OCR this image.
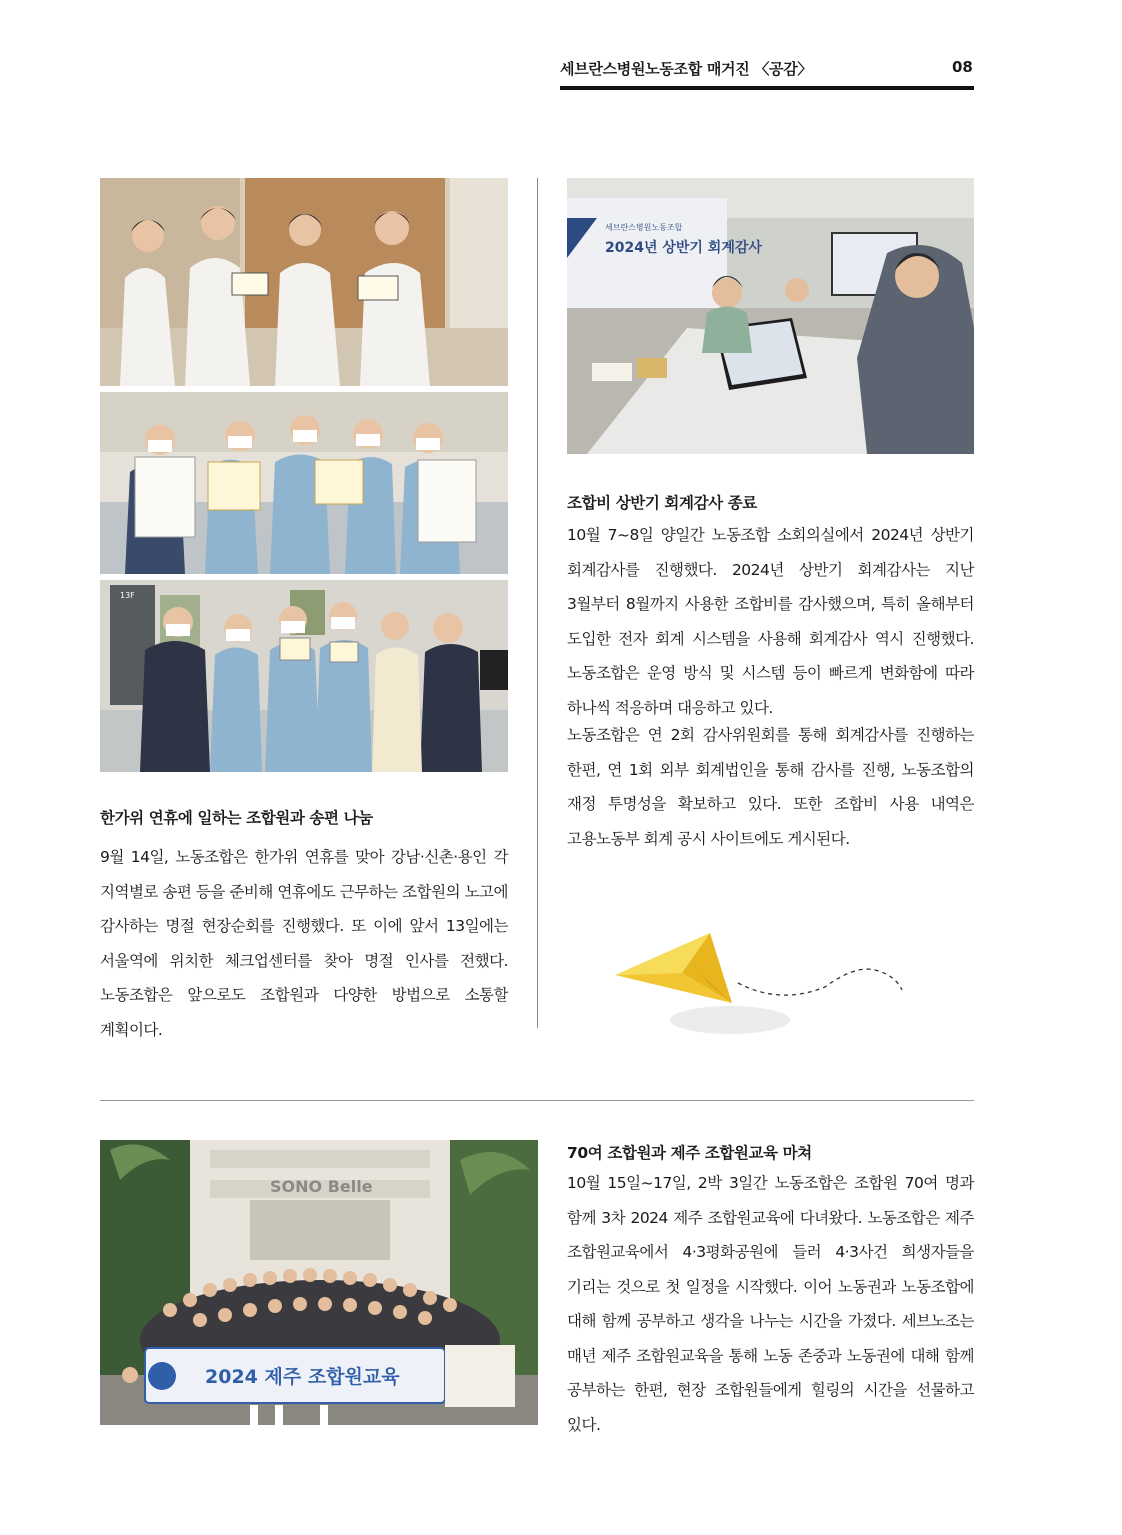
세브란스병원노동조합 매거진 〈공감〉	08
13F
세브란스병원노동조합
2024년 상반기 회계감사
한가위 연휴에 일하는 조합원과 송편 나눔
9월 14일, 노동조합은 한가위 연휴를 맞아 강남·신촌·용인 각 지역별로 송편 등을 준비해 연휴에도 근무하는 조합원의 노고에 감사하는 명절 현장순회를 진행했다. 또 이에 앞서 13일에는 서울역에 위치한 체크업센터를 찾아 명절 인사를 전했다. 노동조합은 앞으로도 조합원과 다양한 방법으로 소통할 계획이다.
조합비 상반기 회계감사 종료
10월 7~8일 양일간 노동조합 소회의실에서 2024년 상반기 회계감사를 진행했다. 2024년 상반기 회계감사는 지난 3월부터 8월까지 사용한 조합비를 감사했으며, 특히 올해부터 도입한 전자 회계 시스템을 사용해 회계감사 역시 진행했다. 노동조합은 운영 방식 및 시스템 등이 빠르게 변화함에 따라 하나씩 적응하며 대응하고 있다.
노동조합은 연 2회 감사위원회를 통해 회계감사를 진행하는 한편, 연 1회 외부 회계법인을 통해 감사를 진행, 노동조합의 재정 투명성을 확보하고 있다. 또한 조합비 사용 내역은 고용노동부 회계 공시 사이트에도 게시된다.
SONO Belle
2024 제주 조합원교육
70여 조합원과 제주 조합원교육 마쳐
10월 15일~17일, 2박 3일간 노동조합은 조합원 70여 명과 함께 3차 2024 제주 조합원교육에 다녀왔다. 노동조합은 제주 조합원교육에서 4·3평화공원에 들러 4·3사건 희생자들을 기리는 것으로 첫 일정을 시작했다. 이어 노동권과 노동조합에 대해 함께 공부하고 생각을 나누는 시간을 가졌다. 세브노조는 매년 제주 조합원교육을 통해 노동 존중과 노동권에 대해 함께 공부하는 한편, 현장 조합원들에게 힐링의 시간을 선물하고 있다.
